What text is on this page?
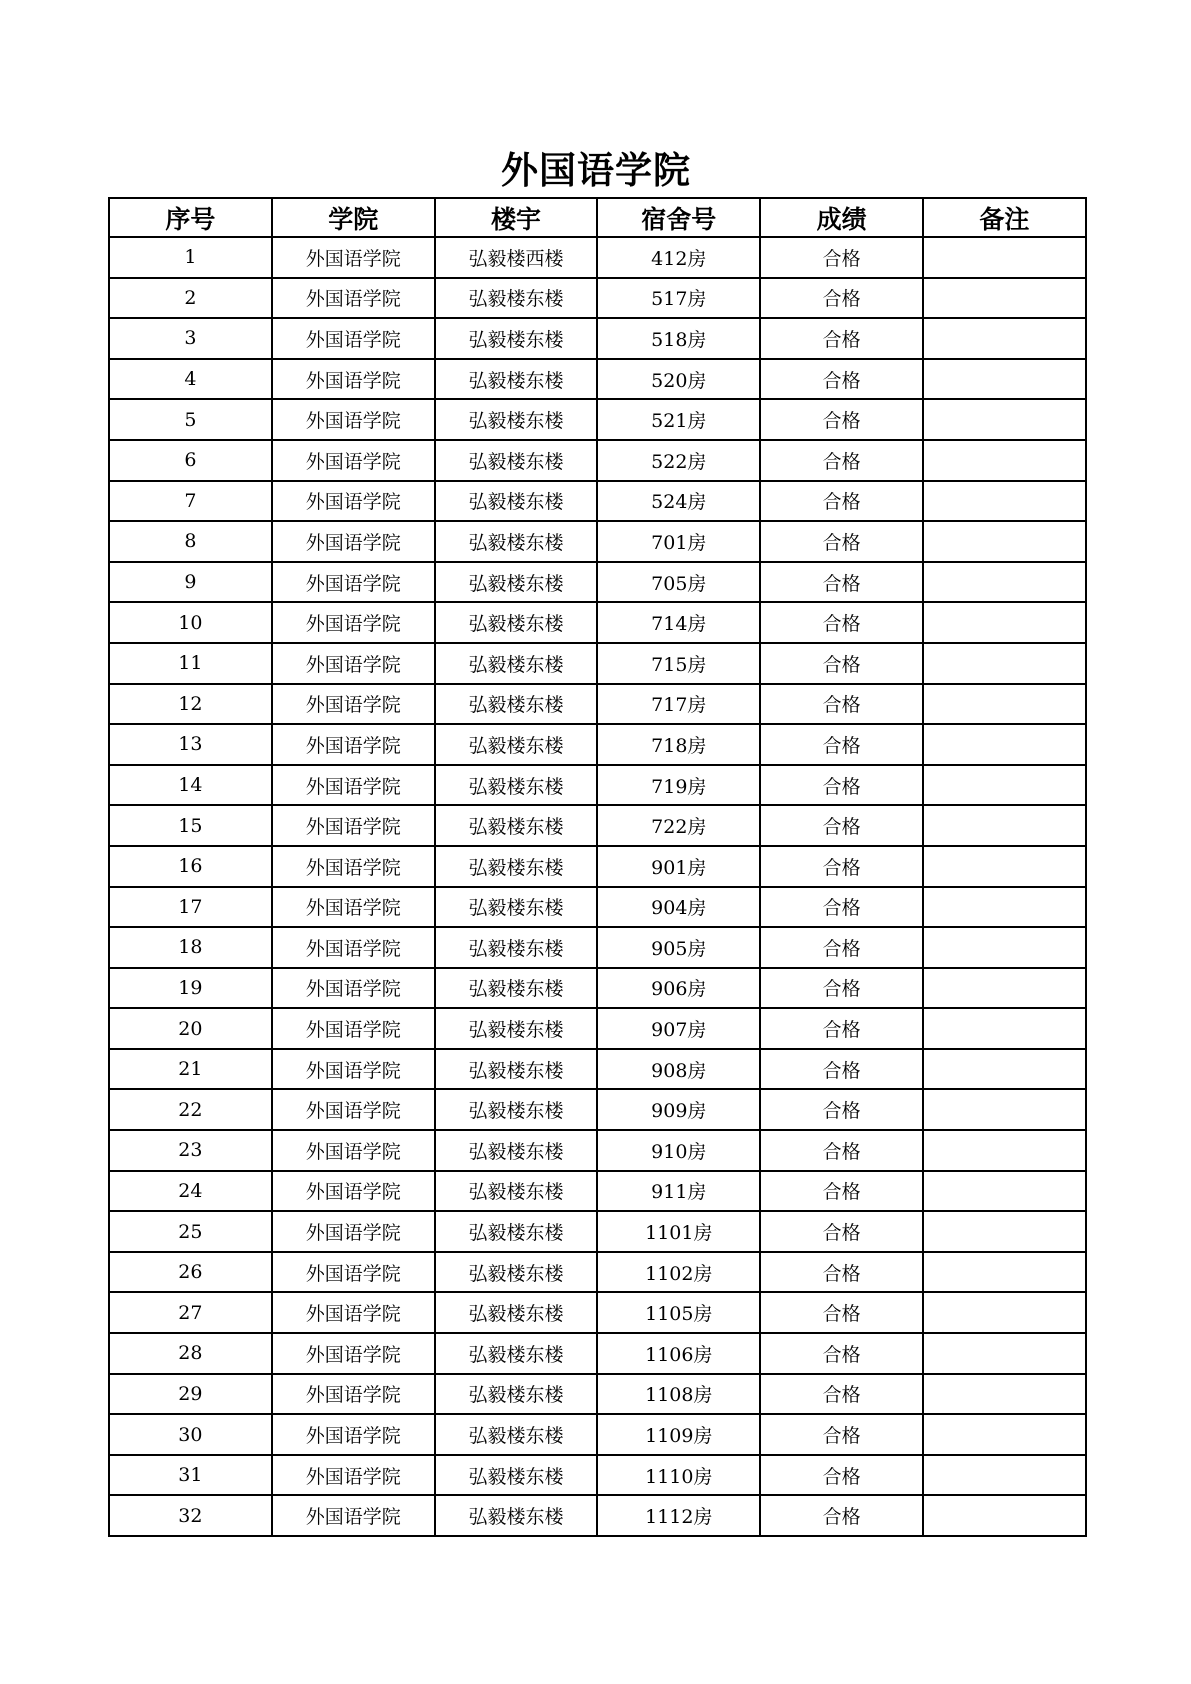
外国语学院
序号	学院	楼宇	宿舍号	成绩	备注
1	外国语学院	弘毅楼西楼	412房	合格	
2	外国语学院	弘毅楼东楼	517房	合格	
3	外国语学院	弘毅楼东楼	518房	合格	
4	外国语学院	弘毅楼东楼	520房	合格	
5	外国语学院	弘毅楼东楼	521房	合格	
6	外国语学院	弘毅楼东楼	522房	合格	
7	外国语学院	弘毅楼东楼	524房	合格	
8	外国语学院	弘毅楼东楼	701房	合格	
9	外国语学院	弘毅楼东楼	705房	合格	
10	外国语学院	弘毅楼东楼	714房	合格	
11	外国语学院	弘毅楼东楼	715房	合格	
12	外国语学院	弘毅楼东楼	717房	合格	
13	外国语学院	弘毅楼东楼	718房	合格	
14	外国语学院	弘毅楼东楼	719房	合格	
15	外国语学院	弘毅楼东楼	722房	合格	
16	外国语学院	弘毅楼东楼	901房	合格	
17	外国语学院	弘毅楼东楼	904房	合格	
18	外国语学院	弘毅楼东楼	905房	合格	
19	外国语学院	弘毅楼东楼	906房	合格	
20	外国语学院	弘毅楼东楼	907房	合格	
21	外国语学院	弘毅楼东楼	908房	合格	
22	外国语学院	弘毅楼东楼	909房	合格	
23	外国语学院	弘毅楼东楼	910房	合格	
24	外国语学院	弘毅楼东楼	911房	合格	
25	外国语学院	弘毅楼东楼	1101房	合格	
26	外国语学院	弘毅楼东楼	1102房	合格	
27	外国语学院	弘毅楼东楼	1105房	合格	
28	外国语学院	弘毅楼东楼	1106房	合格	
29	外国语学院	弘毅楼东楼	1108房	合格	
30	外国语学院	弘毅楼东楼	1109房	合格	
31	外国语学院	弘毅楼东楼	1110房	合格	
32	外国语学院	弘毅楼东楼	1112房	合格	
